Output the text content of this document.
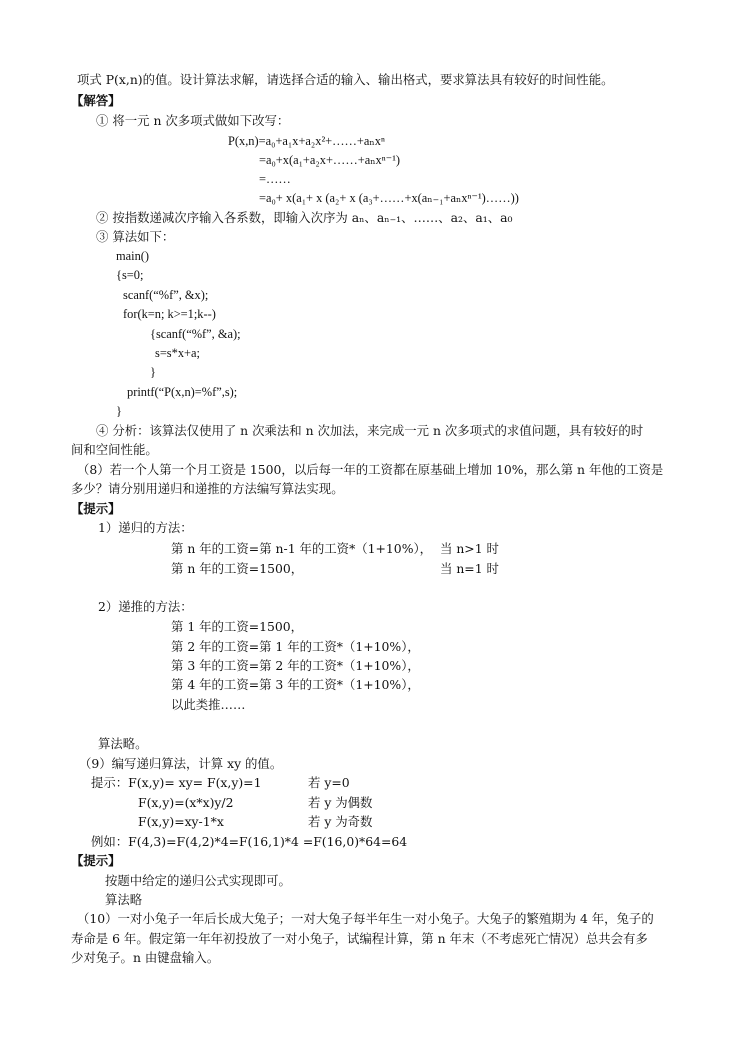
项式 P(x,n)的值。设计算法求解，请选择合适的输入、输出格式，要求算法具有较好的时间性能。
【解答】
① 将一元 n 次多项式做如下改写：
P(x,n)=a₀+a₁x+a₂x²+……+aₙxⁿ
=a₀+x(a₁+a₂x+……+aₙxⁿ⁻¹)
=……
=a₀+ x(a₁+ x (a₂+ x (a₃+……+x(aₙ₋₁+aₙxⁿ⁻¹)……))
② 按指数递减次序输入各系数，即输入次序为 aₙ、aₙ₋₁、……、a₂、a₁、a₀
③ 算法如下：
main()
{s=0;
scanf(“%f”, &x);
for(k=n; k>=1;k--)
{scanf(“%f”, &a);
s=s*x+a;
}
printf(“P(x,n)=%f”,s);
}
④ 分析：该算法仅使用了 n 次乘法和 n 次加法，来完成一元 n 次多项式的求值问题，具有较好的时
间和空间性能。
（8）若一个人第一个月工资是 1500，以后每一年的工资都在原基础上增加 10%，那么第 n 年他的工资是
多少？请分别用递归和递推的方法编写算法实现。
【提示】
1）递归的方法：
第 n 年的工资=第 n-1 年的工资*（1+10%）， 当 n>1 时
第 n 年的工资=1500，	当 n=1 时
2）递推的方法：
第 1 年的工资=1500，
第 2 年的工资=第 1 年的工资*（1+10%），
第 3 年的工资=第 2 年的工资*（1+10%），
第 4 年的工资=第 3 年的工资*（1+10%），
以此类推……
算法略。
（9）编写递归算法，计算 xy 的值。
提示：F(x,y)= xy= F(x,y)=1	若 y=0
F(x,y)=(x*x)y/2	若 y 为偶数
F(x,y)=xy-1*x	若 y 为奇数
例如：F(4,3)=F(4,2)*4=F(16,1)*4 =F(16,0)*64=64
【提示】
按题中给定的递归公式实现即可。
算法略
（10）一对小兔子一年后长成大兔子；一对大兔子每半年生一对小兔子。大兔子的繁殖期为 4 年，兔子的
寿命是 6 年。假定第一年年初投放了一对小兔子，试编程计算，第 n 年末（不考虑死亡情况）总共会有多
少对兔子。n 由键盘输入。
